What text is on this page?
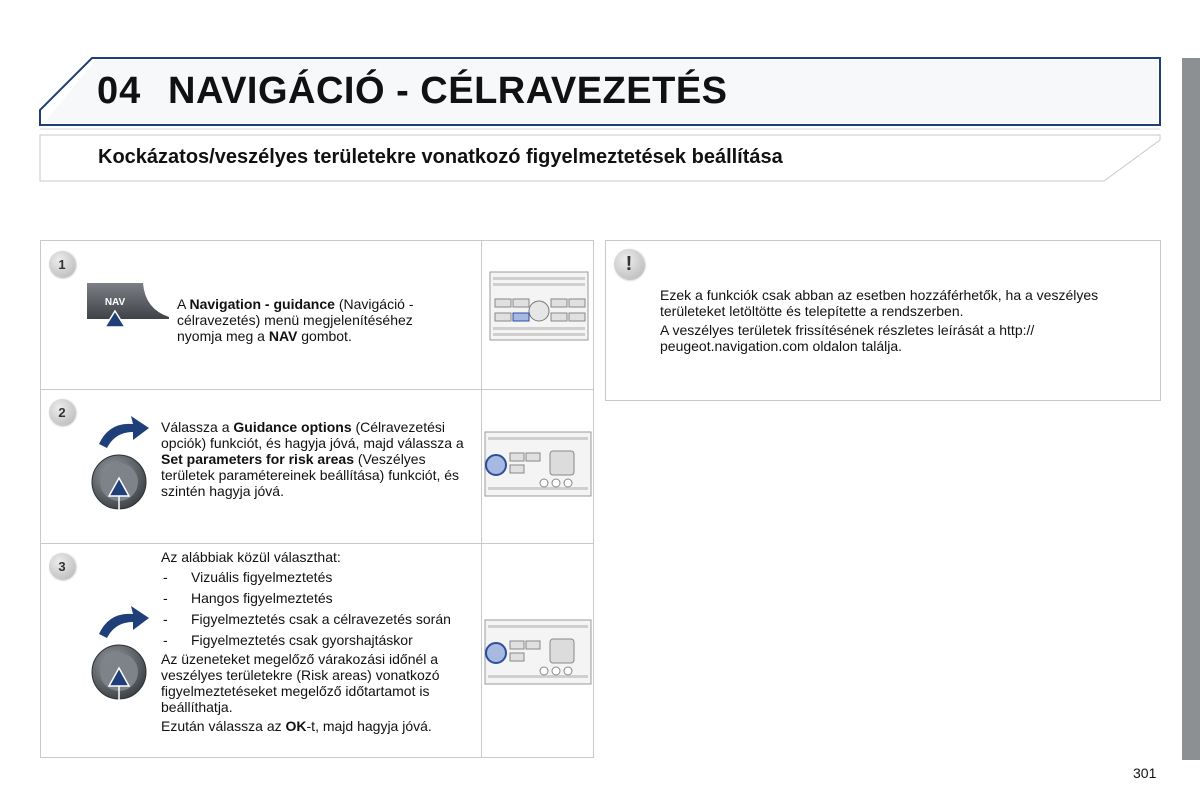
04 NAVIGÁCIÓ - CÉLRAVEZETÉS
Kockázatos/veszélyes területekre vonatkozó figyelmeztetések beállítása
1
NAV	A Navigation - guidance (Navigáció - célravezetés) menü megjelenítéséhez nyomja meg a NAV gombot.
2
Válassza a Guidance options (Célravezetési opciók) funkciót, és hagyja jóvá, majd válassza a Set parameters for risk areas (Veszélyes területek paramétereinek beállítása) funkciót, és szintén hagyja jóvá.
3

Az alábbiak közül választhat:

- Vizuális figyelmeztetés
- Hangos figyelmeztetés
- Figyelmeztetés csak a célravezetés során
- Figyelmeztetés csak gyorshajtáskor

Az üzeneteket megelőző várakozási időnél a veszélyes területekre (Risk areas) vonatkozó figyelmeztetéseket megelőző időtartamot is beállíthatja.

Ezután válassza az OK-t, majd hagyja jóvá.

!

Ezek a funkciók csak abban az esetben hozzáférhetők, ha a veszélyes területeket letöltötte és telepítette a rendszerben.

A veszélyes területek frissítésének részletes leírását a http:// peugeot.navigation.com oldalon találja.

301
